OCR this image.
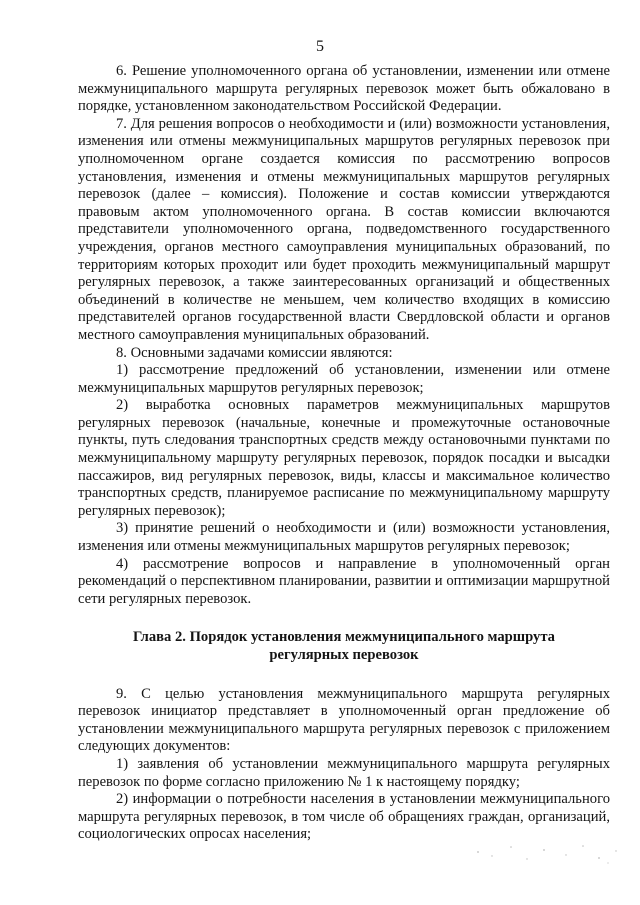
5

6. Решение уполномоченного органа об установлении, изменении или отмене межмуниципального маршрута регулярных перевозок может быть обжаловано в порядке, установленном законодательством Российской Федерации.

7. Для решения вопросов о необходимости и (или) возможности установления, изменения или отмены межмуниципальных маршрутов регулярных перевозок при уполномоченном органе создается комиссия по рассмотрению вопросов установления, изменения и отмены межмуниципальных маршрутов регулярных перевозок (далее – комиссия). Положение и состав комиссии утверждаются правовым актом уполномоченного органа. В состав комиссии включаются представители уполномоченного органа, подведомственного государственного учреждения, органов местного самоуправления муниципальных образований, по территориям которых проходит или будет проходить межмуниципальный маршрут регулярных перевозок, а также заинтересованных организаций и общественных объединений в количестве не меньшем, чем количество входящих в комиссию представителей органов государственной власти Свердловской области и органов местного самоуправления муниципальных образований.

8. Основными задачами комиссии являются:

1) рассмотрение предложений об установлении, изменении или отмене межмуниципальных маршрутов регулярных перевозок;

2) выработка основных параметров межмуниципальных маршрутов регулярных перевозок (начальные, конечные и промежуточные остановочные пункты, путь следования транспортных средств между остановочными пунктами по межмуниципальному маршруту регулярных перевозок, порядок посадки и высадки пассажиров, вид регулярных перевозок, виды, классы и максимальное количество транспортных средств, планируемое расписание по межмуниципальному маршруту регулярных перевозок);

3) принятие решений о необходимости и (или) возможности установления, изменения или отмены межмуниципальных маршрутов регулярных перевозок;

4) рассмотрение вопросов и направление в уполномоченный орган рекомендаций о перспективном планировании, развитии и оптимизации маршрутной сети регулярных перевозок.

Глава 2. Порядок установления межмуниципального маршрута регулярных перевозок

9. С целью установления межмуниципального маршрута регулярных перевозок инициатор представляет в уполномоченный орган предложение об установлении межмуниципального маршрута регулярных перевозок с приложением следующих документов:

1) заявления об установлении межмуниципального маршрута регулярных перевозок по форме согласно приложению № 1 к настоящему порядку;

2) информации о потребности населения в установлении межмуниципального маршрута регулярных перевозок, в том числе об обращениях граждан, организаций, социологических опросах населения;
